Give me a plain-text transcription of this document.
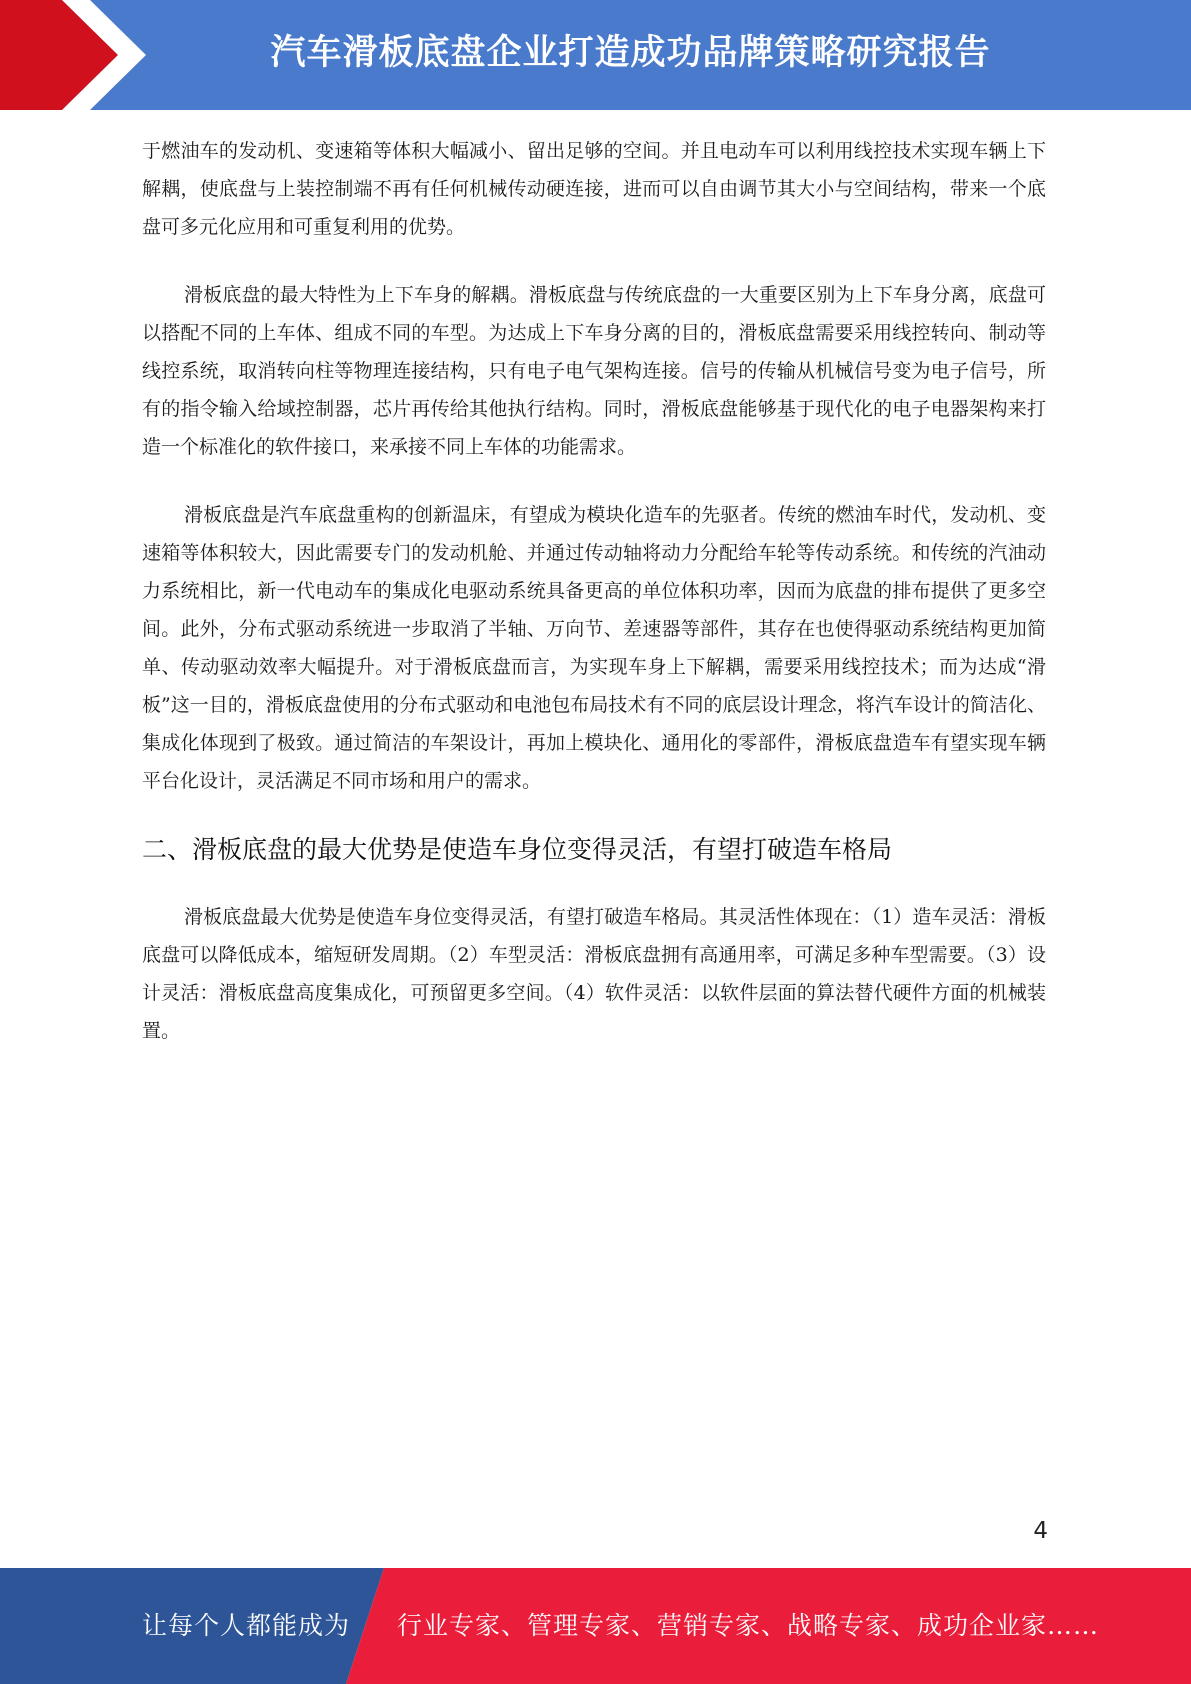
汽车滑板底盘企业打造成功品牌策略研究报告

于燃油车的发动机、变速箱等体积大幅减小、留出足够的空间。并且电动车可以利用线控技术实现车辆上下解耦，使底盘与上装控制端不再有任何机械传动硬连接，进而可以自由调节其大小与空间结构，带来一个底盘可多元化应用和可重复利用的优势。

滑板底盘的最大特性为上下车身的解耦。滑板底盘与传统底盘的一大重要区别为上下车身分离，底盘可以搭配不同的上车体、组成不同的车型。为达成上下车身分离的目的，滑板底盘需要采用线控转向、制动等线控系统，取消转向柱等物理连接结构，只有电子电气架构连接。信号的传输从机械信号变为电子信号，所有的指令输入给域控制器，芯片再传给其他执行结构。同时，滑板底盘能够基于现代化的电子电器架构来打造一个标准化的软件接口，来承接不同上车体的功能需求。

滑板底盘是汽车底盘重构的创新温床，有望成为模块化造车的先驱者。传统的燃油车时代，发动机、变速箱等体积较大，因此需要专门的发动机舱、并通过传动轴将动力分配给车轮等传动系统。和传统的汽油动力系统相比，新一代电动车的集成化电驱动系统具备更高的单位体积功率，因而为底盘的排布提供了更多空间。此外，分布式驱动系统进一步取消了半轴、万向节、差速器等部件，其存在也使得驱动系统结构更加简单、传动驱动效率大幅提升。对于滑板底盘而言，为实现车身上下解耦，需要采用线控技术；而为达成“滑板”这一目的，滑板底盘使用的分布式驱动和电池包布局技术有不同的底层设计理念，将汽车设计的简洁化、集成化体现到了极致。通过简洁的车架设计，再加上模块化、通用化的零部件，滑板底盘造车有望实现车辆平台化设计，灵活满足不同市场和用户的需求。

二、滑板底盘的最大优势是使造车身位变得灵活，有望打破造车格局

滑板底盘最大优势是使造车身位变得灵活，有望打破造车格局。其灵活性体现在：（1）造车灵活：滑板底盘可以降低成本，缩短研发周期。（2）车型灵活：滑板底盘拥有高通用率，可满足多种车型需要。（3）设计灵活：滑板底盘高度集成化，可预留更多空间。（4）软件灵活：以软件层面的算法替代硬件方面的机械装置。

4
让每个人都能成为 行业专家、管理专家、营销专家、战略专家、成功企业家……
